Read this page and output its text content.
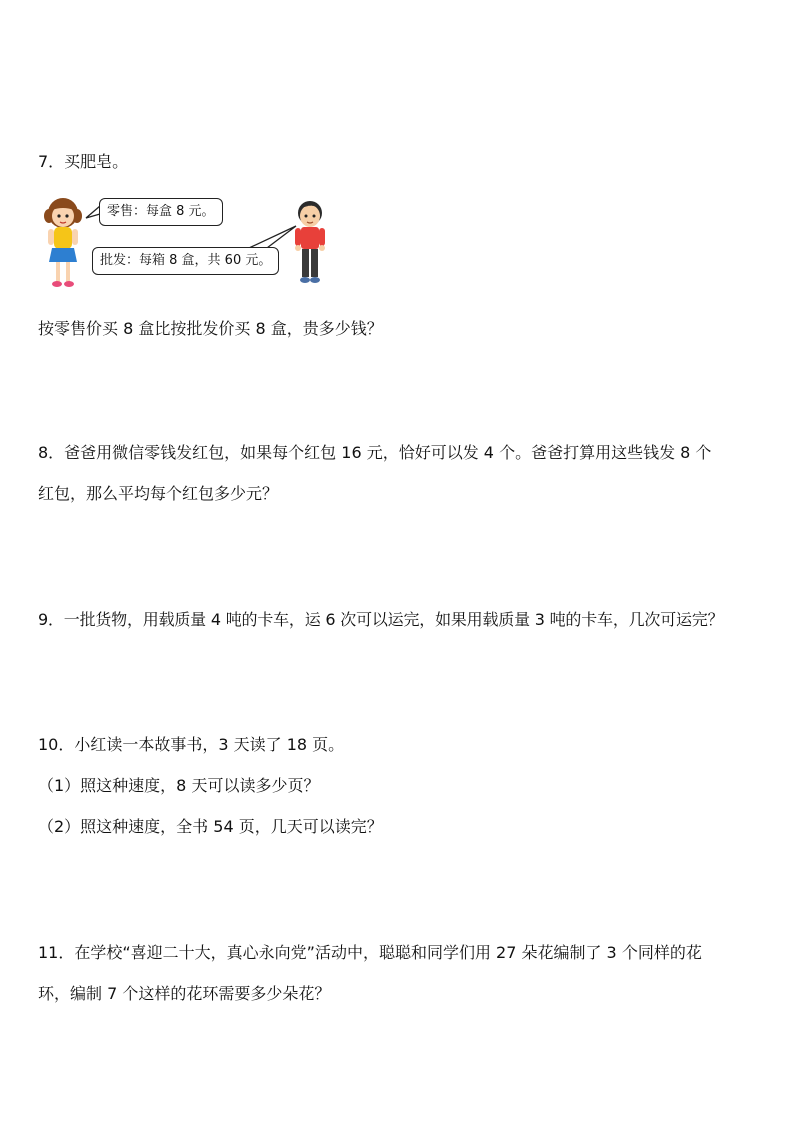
7．买肥皂。
零售：每盒 8 元。
批发：每箱 8 盒，共 60 元。
按零售价买 8 盒比按批发价买 8 盒，贵多少钱？
8．爸爸用微信零钱发红包，如果每个红包 16 元，恰好可以发 4 个。爸爸打算用这些钱发 8 个
红包，那么平均每个红包多少元？
9．一批货物，用载质量 4 吨的卡车，运 6 次可以运完，如果用载质量 3 吨的卡车，几次可运完？
10．小红读一本故事书，3 天读了 18 页。
（1）照这种速度，8 天可以读多少页？
（2）照这种速度，全书 54 页，几天可以读完？
11．在学校“喜迎二十大，真心永向党”活动中，聪聪和同学们用 27 朵花编制了 3 个同样的花
环，编制 7 个这样的花环需要多少朵花？
